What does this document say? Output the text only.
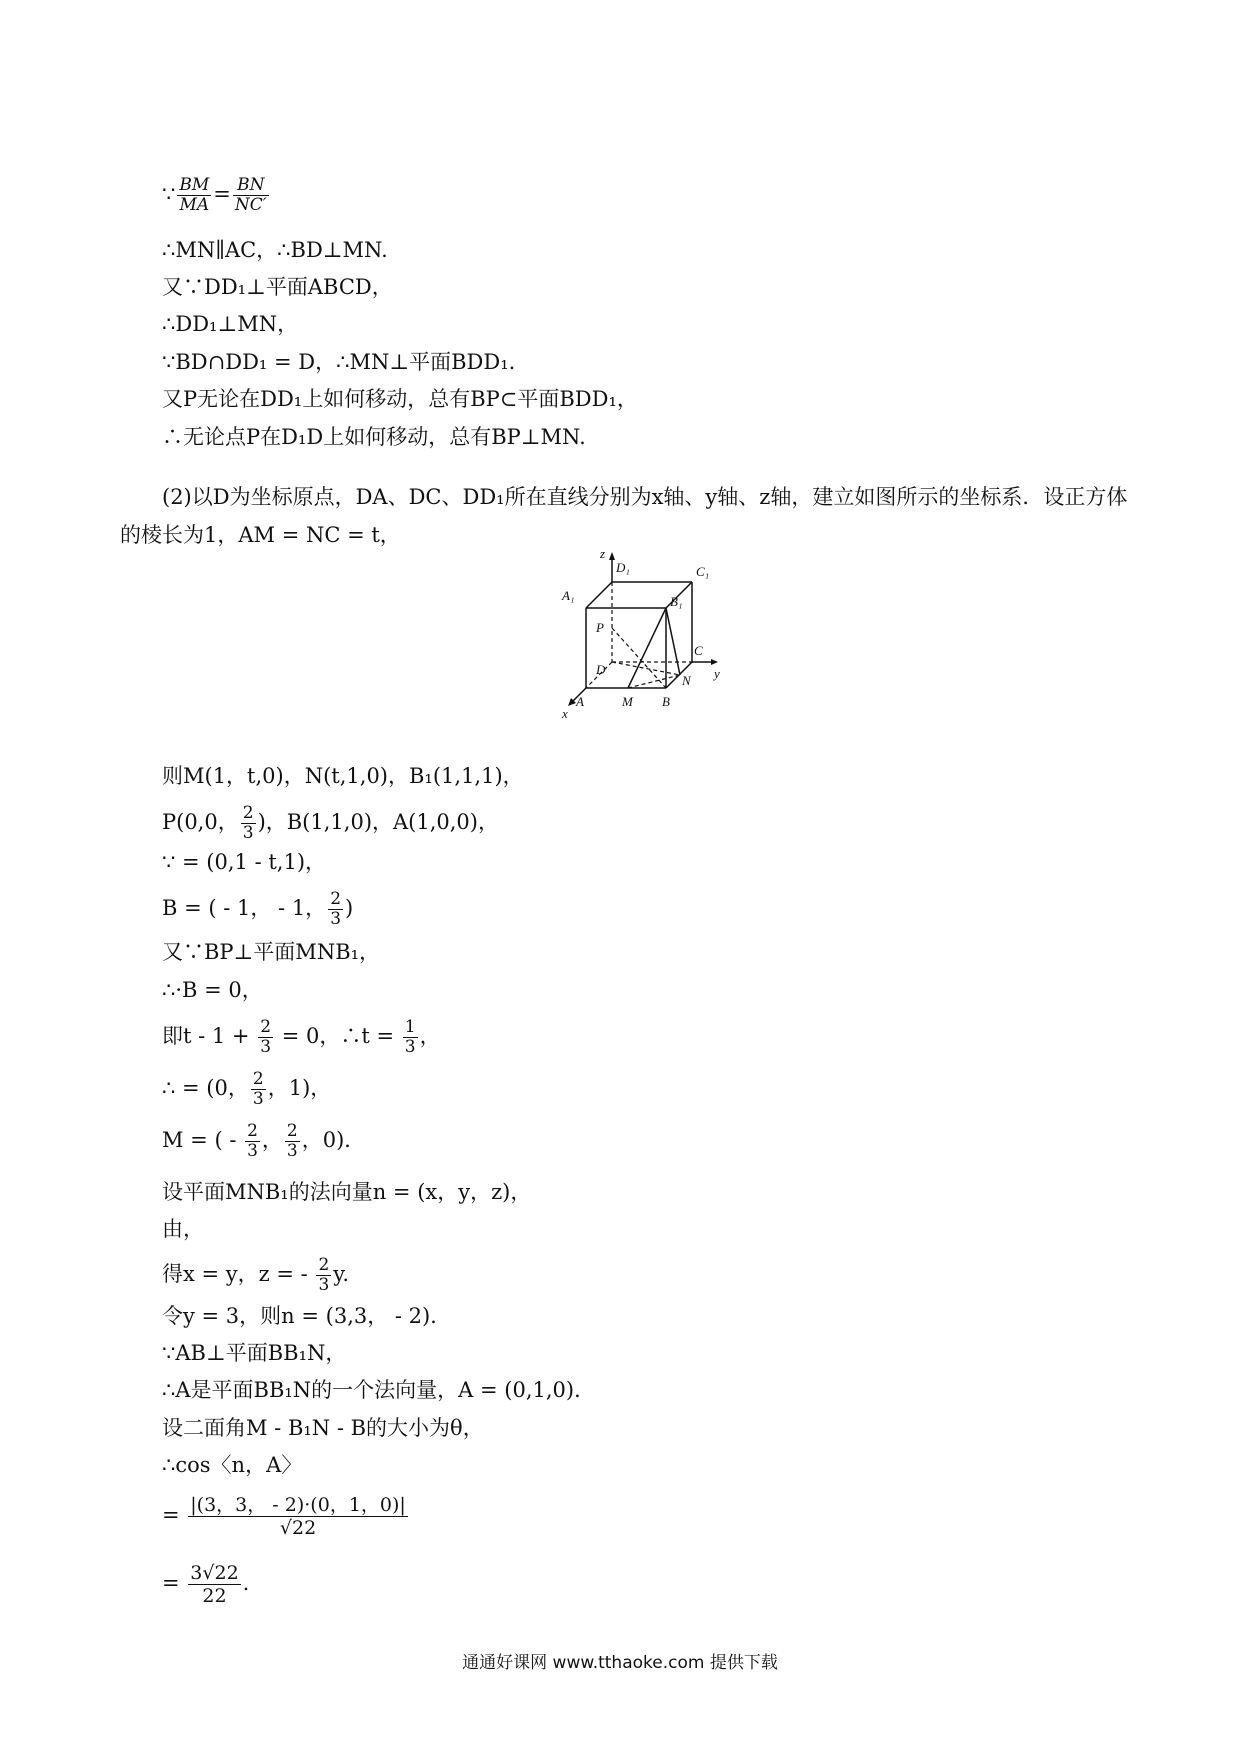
∵ $\frac{BM}{MA} = \frac{BN}{NC'}$
∴MN∥AC，∴BD⊥MN.
又∵DD₁⊥平面ABCD，
∴DD₁⊥MN，
∵BD∩DD₁ = D，∴MN⊥平面BDD₁.
又P无论在DD₁上如何移动，总有BP⊂平面BDD₁，
∴无论点P在D₁D上如何移动，总有BP⊥MN.
(2)以D为坐标原点，DA、DC、DD₁所在直线分别为x轴、y轴、z轴，建立如图所示的坐标系．设正方体的棱长为1，AM = NC = t，
z
D₁	C₁
A₁	B₁
P
D
C
y
N
A	M B
x
则M(1，t,0)，N(t,1,0)，B₁(1,1,1)，
P(0,0， $\frac{2}{3}$ )，B(1,1,0)，A(1,0,0)，
∵ = (0,1 - t,1)，
B = ( - 1， - 1， $\frac{2}{3}$ )
又∵BP⊥平面MNB₁，
∴·B = 0，
即$t - 1 + \frac{2}{3} = 0$，∴t = $\frac{1}{3}$ ，
∴ = (0， $\frac{2}{3}$ ，1)，
M = ( - $\frac{2}{3}$ ， $\frac{2}{3}$ ，0)．
设平面MNB₁的法向量n = (x，y，z)，
由，
得x = y，z = - $\frac{2}{3} y$.
令y = 3，则n = (3,3， - 2)．
∵AB⊥平面BB₁N，
∴A是平面BB₁N的一个法向量，A = (0,1,0)．
设二面角M - B₁N - B的大小为θ，
∴cos〈n，A〉
= $\frac{|(3,3, - 2)\cdot(0,1,0)|}{√22}$
= $\frac{3√22}{22}$ .
通通好课网 www.tthaoke.com 提供下载
